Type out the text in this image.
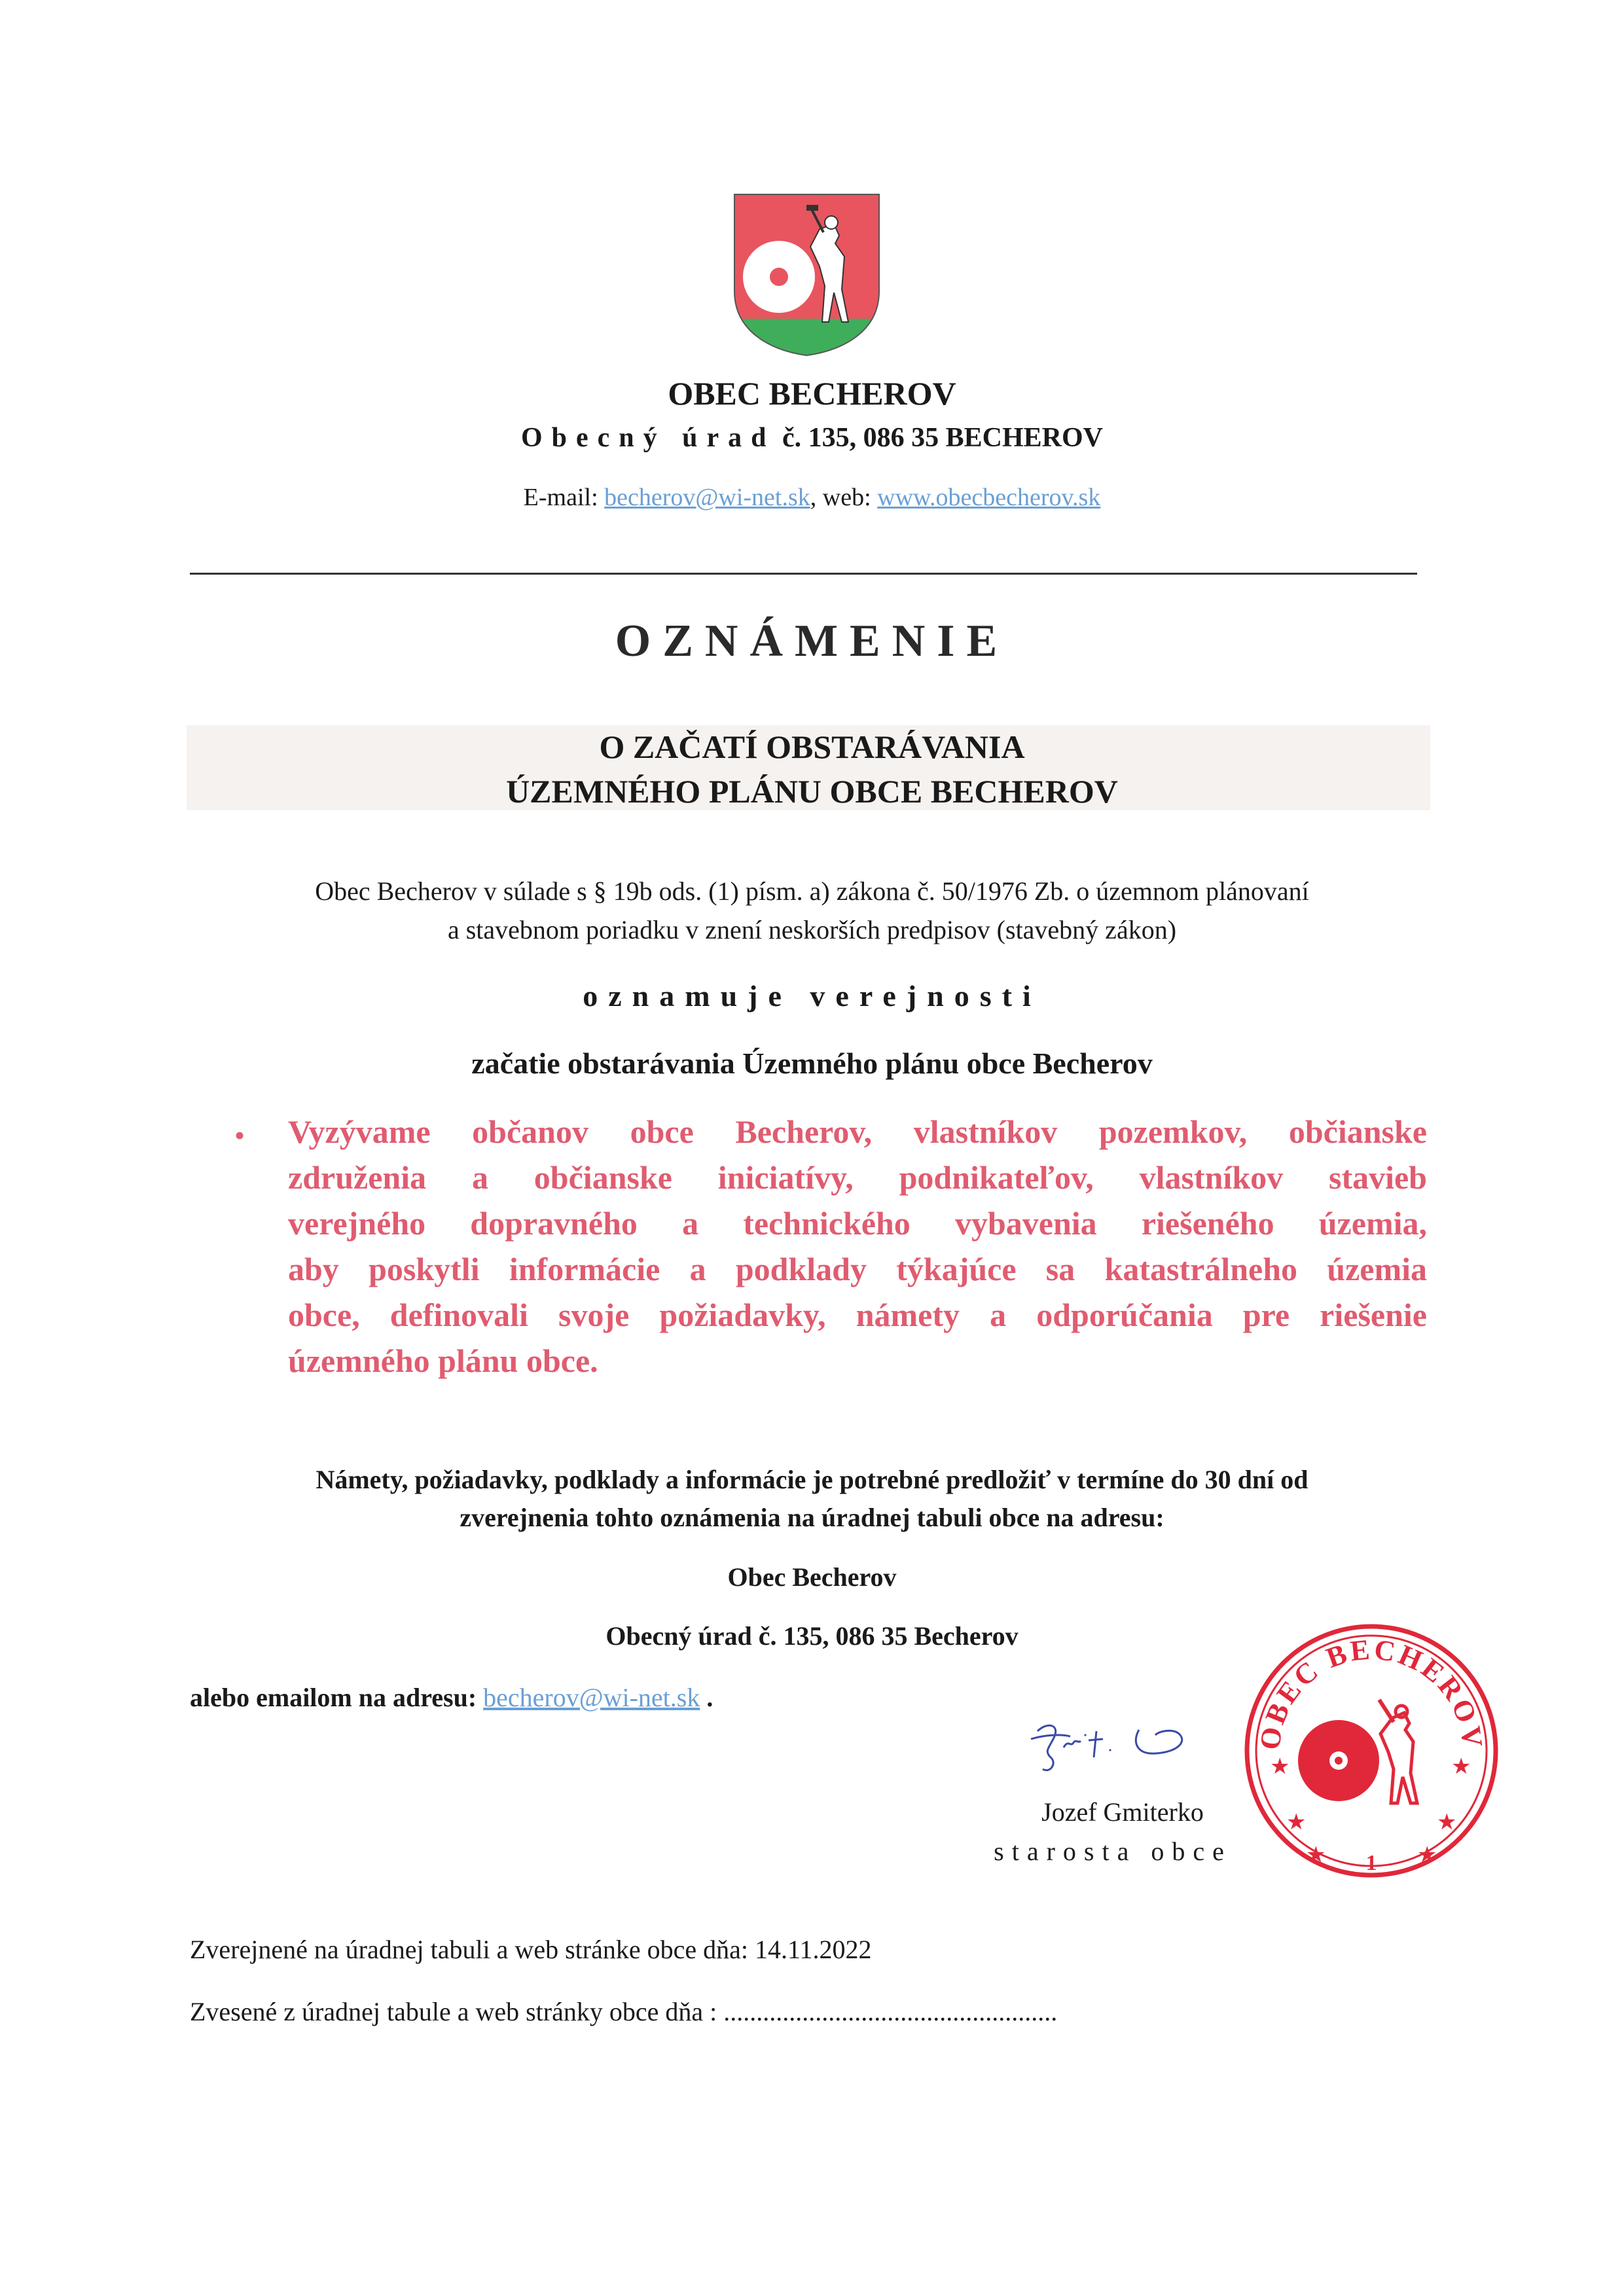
OBEC BECHEROV
Obecný úrad č. 135, 086 35 BECHEROV
E-mail: becherov@wi-net.sk, web: www.obecbecherov.sk
OZNÁMENIE
O ZAČATÍ OBSTARÁVANIA
ÚZEMNÉHO PLÁNU OBCE BECHEROV
Obec Becherov v súlade s § 19b ods. (1) písm. a) zákona č. 50/1976 Zb. o územnom plánovaní
a stavebnom poriadku v znení neskorších predpisov (stavebný zákon)
oznamuje verejnosti
začatie obstarávania Územného plánu obce Becherov
• Vyzývame občanov obce Becherov, vlastníkov pozemkov, občianske
združenia a občianske iniciatívy, podnikateľov, vlastníkov stavieb
verejného dopravného a technického vybavenia riešeného územia,
aby poskytli informácie a podklady týkajúce sa katastrálneho územia
obce, definovali svoje požiadavky, námety a odporúčania pre riešenie
územného plánu obce.
Námety, požiadavky, podklady a informácie je potrebné predložiť v termíne do 30 dní od
zverejnenia tohto oznámenia na úradnej tabuli obce na adresu:
Obec Becherov
Obecný úrad č. 135, 086 35 Becherov
alebo emailom na adresu: becherov@wi-net.sk .
Jozef Gmiterko
starosta obce
OBEC BECHEROV
★
★
★
★
★	★
1
Zverejnené na úradnej tabuli a web stránke obce dňa: 14.11.2022
Zvesené z úradnej tabule a web stránky obce dňa : ...................................................
